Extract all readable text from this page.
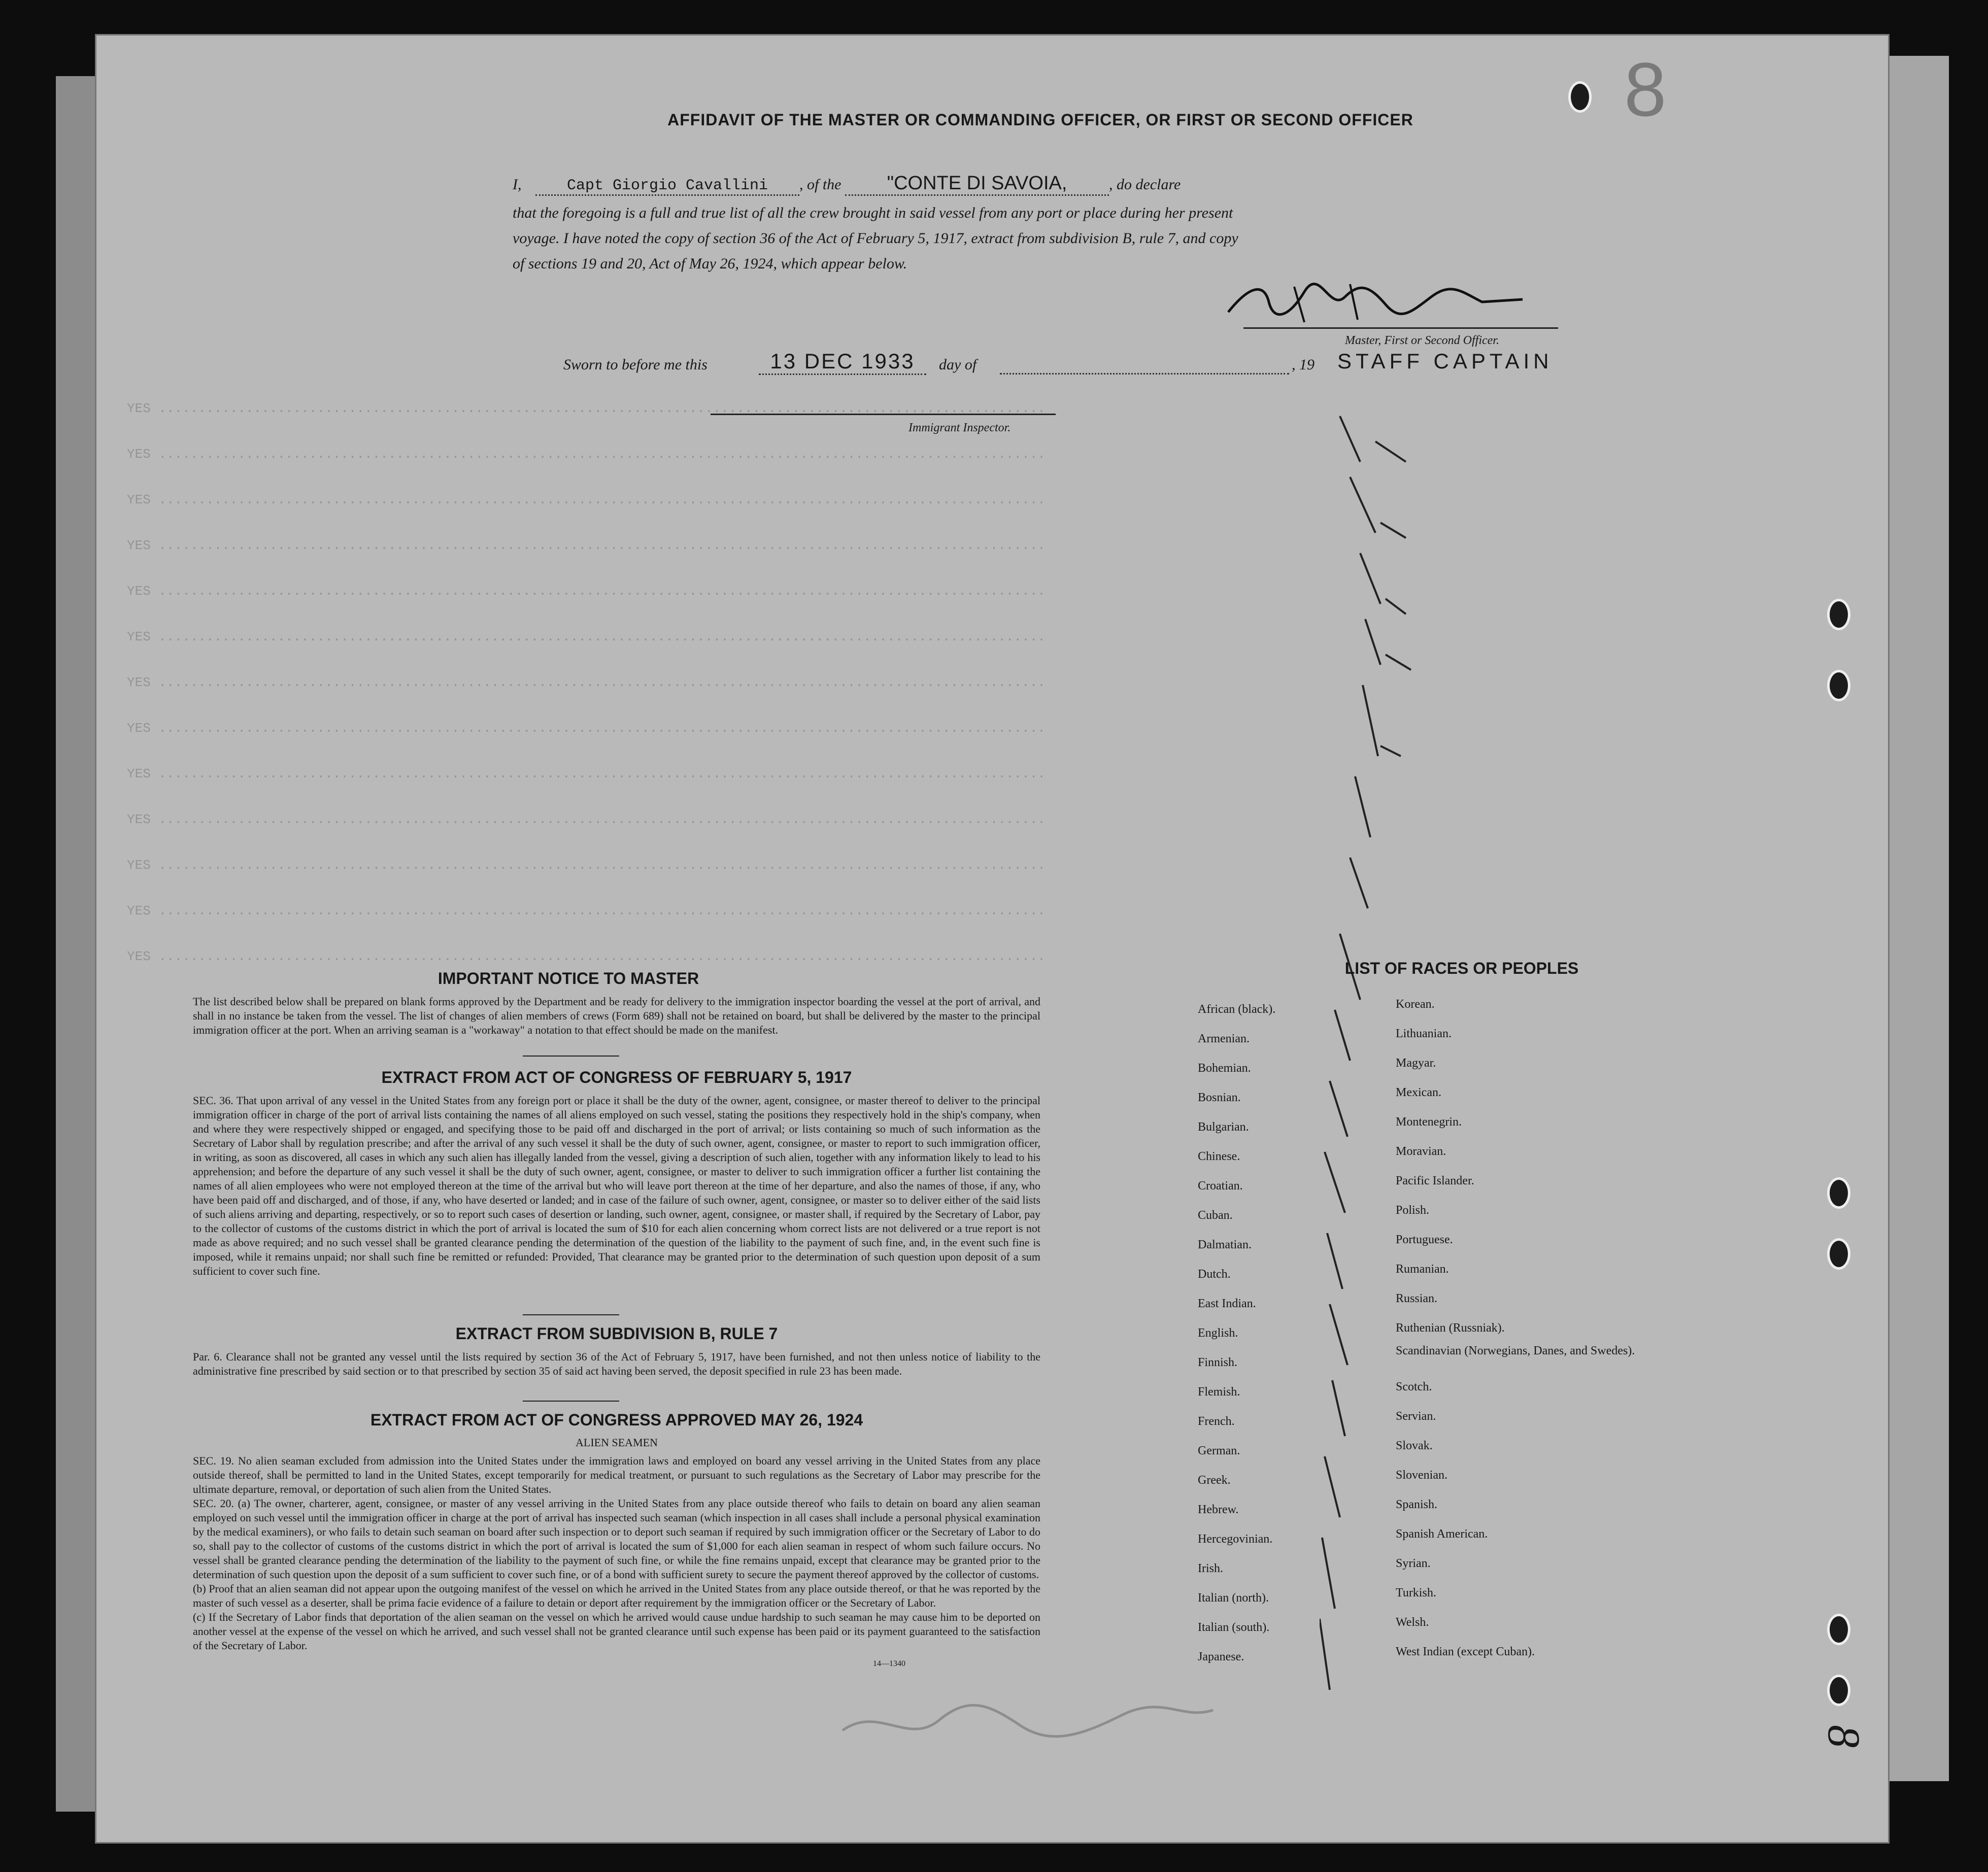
YES ................................................................................................................
YES ................................................................................................................
YES ................................................................................................................
YES ................................................................................................................
YES ................................................................................................................
YES ................................................................................................................
YES ................................................................................................................
YES ................................................................................................................
YES ................................................................................................................
YES ................................................................................................................
YES ................................................................................................................
YES ................................................................................................................
YES ................................................................................................................
8
AFFIDAVIT OF THE MASTER OR COMMANDING OFFICER, OR FIRST OR SECOND OFFICER
I,	Capt Giorgio Cavallini , of the "CONTE DI SAVOIA,	, do declare
that the foregoing is a full and true list of all the crew brought in said vessel from any port or place during her present
voyage. I have noted the copy of section 36 of the Act of February 5, 1917, extract from subdivision B, rule 7, and copy
of sections 19 and 20, Act of May 26, 1924, which appear below.
Master, First or Second Officer.
Sworn to before me this	13 DEC 1933	day of	, 19 STAFF CAPTAIN
Immigrant Inspector.
IMPORTANT NOTICE TO MASTER
The list described below shall be prepared on blank forms approved by the Department and be ready for delivery to the immigration inspector boarding the vessel at the port of arrival, and shall in no instance be taken from the vessel. The list of changes of alien members of crews (Form 689) shall not be retained on board, but shall be delivered by the master to the principal immigration officer at the port. When an arriving seaman is a "workaway" a notation to that effect should be made on the manifest.
EXTRACT FROM ACT OF CONGRESS OF FEBRUARY 5, 1917
SEC. 36. That upon arrival of any vessel in the United States from any foreign port or place it shall be the duty of the owner, agent, consignee, or master thereof to deliver to the principal immigration officer in charge of the port of arrival lists containing the names of all aliens employed on such vessel, stating the positions they respectively hold in the ship's company, when and where they were respectively shipped or engaged, and specifying those to be paid off and discharged in the port of arrival; or lists containing so much of such information as the Secretary of Labor shall by regulation prescribe; and after the arrival of any such vessel it shall be the duty of such owner, agent, consignee, or master to report to such immigration officer, in writing, as soon as discovered, all cases in which any such alien has illegally landed from the vessel, giving a description of such alien, together with any information likely to lead to his apprehension; and before the departure of any such vessel it shall be the duty of such owner, agent, consignee, or master to deliver to such immigration officer a further list containing the names of all alien employees who were not employed thereon at the time of the arrival but who will leave port thereon at the time of her departure, and also the names of those, if any, who have been paid off and discharged, and of those, if any, who have deserted or landed; and in case of the failure of such owner, agent, consignee, or master so to deliver either of the said lists of such aliens arriving and departing, respectively, or so to report such cases of desertion or landing, such owner, agent, consignee, or master shall, if required by the Secretary of Labor, pay to the collector of customs of the customs district in which the port of arrival is located the sum of $10 for each alien concerning whom correct lists are not delivered or a true report is not made as above required; and no such vessel shall be granted clearance pending the determination of the question of the liability to the payment of such fine, and, in the event such fine is imposed, while it remains unpaid; nor shall such fine be remitted or refunded: Provided, That clearance may be granted prior to the determination of such question upon deposit of a sum sufficient to cover such fine.
EXTRACT FROM SUBDIVISION B, RULE 7
Par. 6. Clearance shall not be granted any vessel until the lists required by section 36 of the Act of February 5, 1917, have been furnished, and not then unless notice of liability to the administrative fine prescribed by said section or to that prescribed by section 35 of said act having been served, the deposit specified in rule 23 has been made.
EXTRACT FROM ACT OF CONGRESS APPROVED MAY 26, 1924
ALIEN SEAMEN
SEC. 19. No alien seaman excluded from admission into the United States under the immigration laws and employed on board any vessel arriving in the United States from any place outside thereof, shall be permitted to land in the United States, except temporarily for medical treatment, or pursuant to such regulations as the Secretary of Labor may prescribe for the ultimate departure, removal, or deportation of such alien from the United States.
SEC. 20. (a) The owner, charterer, agent, consignee, or master of any vessel arriving in the United States from any place outside thereof who fails to detain on board any alien seaman employed on such vessel until the immigration officer in charge at the port of arrival has inspected such seaman (which inspection in all cases shall include a personal physical examination by the medical examiners), or who fails to detain such seaman on board after such inspection or to deport such seaman if required by such immigration officer or the Secretary of Labor to do so, shall pay to the collector of customs of the customs district in which the port of arrival is located the sum of $1,000 for each alien seaman in respect of whom such failure occurs. No vessel shall be granted clearance pending the determination of the liability to the payment of such fine, or while the fine remains unpaid, except that clearance may be granted prior to the determination of such question upon the deposit of a sum sufficient to cover such fine, or of a bond with sufficient surety to secure the payment thereof approved by the collector of customs.
(b) Proof that an alien seaman did not appear upon the outgoing manifest of the vessel on which he arrived in the United States from any place outside thereof, or that he was reported by the master of such vessel as a deserter, shall be prima facie evidence of a failure to detain or deport after requirement by the immigration officer or the Secretary of Labor.
(c) If the Secretary of Labor finds that deportation of the alien seaman on the vessel on which he arrived would cause undue hardship to such seaman he may cause him to be deported on another vessel at the expense of the vessel on which he arrived, and such vessel shall not be granted clearance until such expense has been paid or its payment guaranteed to the satisfaction of the Secretary of Labor.
14—1340
LIST OF RACES OR PEOPLES
African (black).
Armenian.
Bohemian.
Bosnian.
Bulgarian.
Chinese.
Croatian.
Cuban.
Dalmatian.
Dutch.
East Indian.
English.
Finnish.
Flemish.
French.
German.
Greek.
Hebrew.
Hercegovinian.
Irish.
Italian (north).
Italian (south).
Japanese.
Korean.
Lithuanian.
Magyar.
Mexican.
Montenegrin.
Moravian.
Pacific Islander.
Polish.
Portuguese.
Rumanian.
Russian.
Ruthenian (Russniak).
Scandinavian (Norwegians, Danes, and Swedes).
Scotch.
Servian.
Slovak.
Slovenian.
Spanish.
Spanish American.
Syrian.
Turkish.
Welsh.
West Indian (except Cuban).
8
